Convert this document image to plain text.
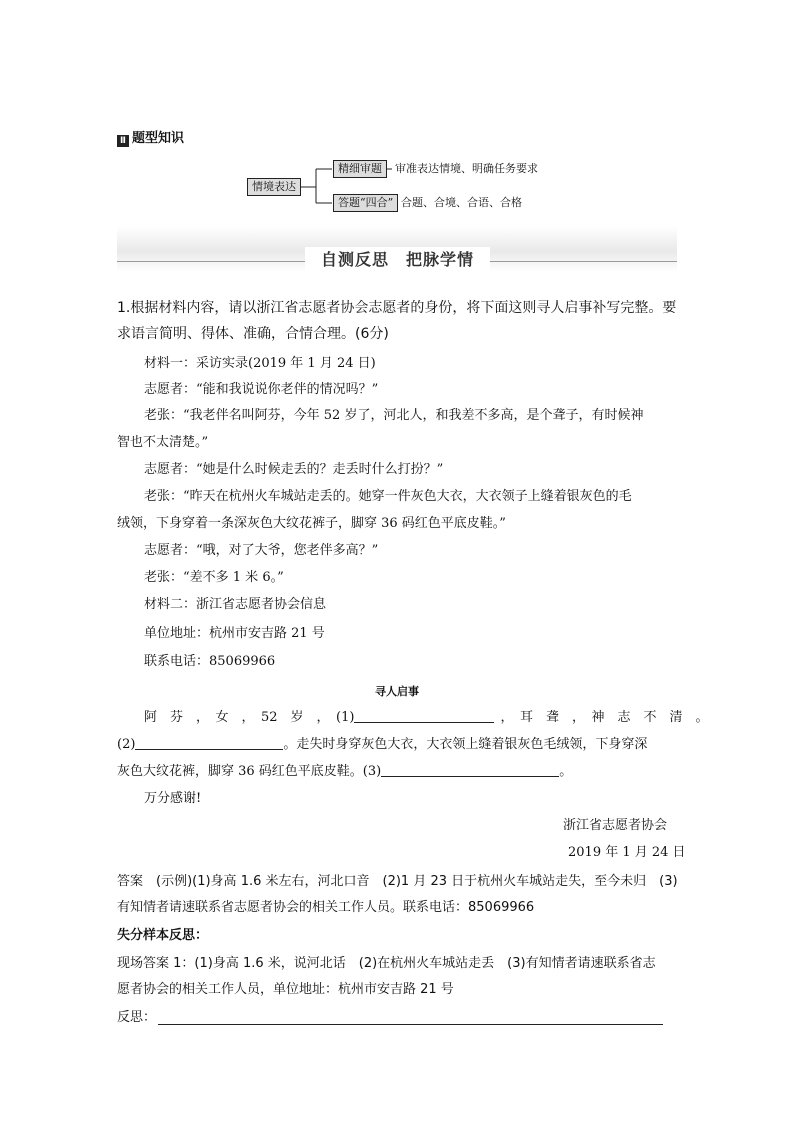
Ⅱ 题型知识
情境表达
精细审题	审准表达情境、明确任务要求
答题“四合” 合题、合境、合语、合格
自测反思　把脉学情
1.根据材料内容，请以浙江省志愿者协会志愿者的身份，将下面这则寻人启事补写完整。要
求语言简明、得体、准确，合情合理。(6分)
材料一：采访实录(2019 年 1 月 24 日)
志愿者：“能和我说说你老伴的情况吗？”
老张：“我老伴名叫阿芬，今年 52 岁了，河北人，和我差不多高，是个聋子，有时候神
智也不太清楚。”
志愿者：“她是什么时候走丢的？走丢时什么打扮？”
老张：“昨天在杭州火车城站走丢的。她穿一件灰色大衣，大衣领子上缝着银灰色的毛
绒领，下身穿着一条深灰色大纹花裤子，脚穿 36 码红色平底皮鞋。”
志愿者：“哦，对了大爷，您老伴多高？”
老张：“差不多 1 米 6。”
材料二：浙江省志愿者协会信息
单位地址：杭州市安吉路 21 号
联系电话：85069966
寻人启事
阿　芬　，　女　，　52　岁　，　(1)	，　耳　聋　，　神　志　不　清　。
(2)	。走失时身穿灰色大衣，大衣领上缝着银灰色毛绒领，下身穿深
灰色大纹花裤，脚穿 36 码红色平底皮鞋。(3)	。
万分感谢!
浙江省志愿者协会
2019 年 1 月 24 日
答案　(示例)(1)身高 1.6 米左右，河北口音　(2)1 月 23 日于杭州火车城站走失，至今未归　(3)
有知情者请速联系省志愿者协会的相关工作人员。联系电话：85069966
失分样本反思：
现场答案 1：(1)身高 1.6 米，说河北话　(2)在杭州火车城站走丢　(3)有知情者请速联系省志
愿者协会的相关工作人员，单位地址：杭州市安吉路 21 号
反思：
